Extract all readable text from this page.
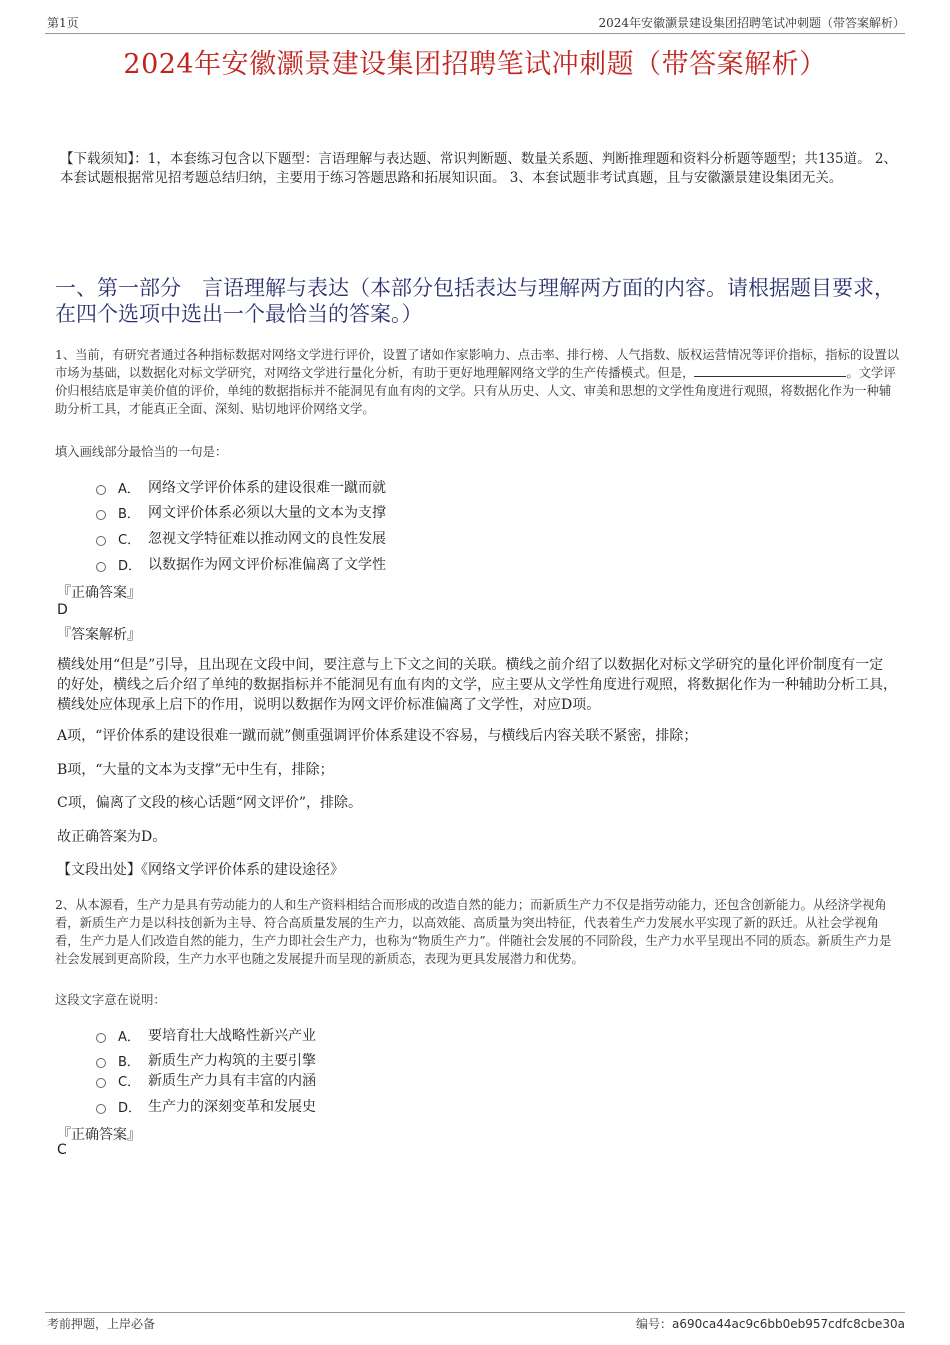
第1页	2024年安徽灏景建设集团招聘笔试冲刺题（带答案解析）
2024年安徽灏景建设集团招聘笔试冲刺题（带答案解析）
【下载须知】：1，本套练习包含以下题型：言语理解与表达题、常识判断题、数量关系题、判断推理题和资料分析题等题型；共135道。 2、本套试题根据常见招考题总结归纳，主要用于练习答题思路和拓展知识面。 3、本套试题非考试真题，且与安徽灏景建设集团无关。
一、第一部分　言语理解与表达（本部分包括表达与理解两方面的内容。请根据题目要求，在四个选项中选出一个最恰当的答案。）
1、当前，有研究者通过各种指标数据对网络文学进行评价，设置了诸如作家影响力、点击率、排行榜、人气指数、版权运营情况等评价指标，指标的设置以市场为基础，以数据化对标文学研究，对网络文学进行量化分析，有助于更好地理解网络文学的生产传播模式。但是，	。文学评价归根结底是审美价值的评价，单纯的数据指标并不能洞见有血有肉的文学。只有从历史、人文、审美和思想的文学性角度进行观照，将数据化作为一种辅助分析工具，才能真正全面、深刻、贴切地评价网络文学。
填入画线部分最恰当的一句是：
A． 网络文学评价体系的建设很难一蹴而就
B． 网文评价体系必须以大量的文本为支撑
C． 忽视文学特征难以推动网文的良性发展
D． 以数据作为网文评价标准偏离了文学性
『正确答案』
D
『答案解析』
横线处用“但是”引导，且出现在文段中间，要注意与上下文之间的关联。横线之前介绍了以数据化对标文学研究的量化评价制度有一定的好处，横线之后介绍了单纯的数据指标并不能洞见有血有肉的文学，应主要从文学性角度进行观照，将数据化作为一种辅助分析工具，横线处应体现承上启下的作用，说明以数据作为网文评价标准偏离了文学性，对应D项。
A项，“评价体系的建设很难一蹴而就”侧重强调评价体系建设不容易，与横线后内容关联不紧密，排除；
B项，“大量的文本为支撑”无中生有，排除；
C项，偏离了文段的核心话题“网文评价”，排除。
故正确答案为D。
【文段出处】《网络文学评价体系的建设途径》
2、从本源看，生产力是具有劳动能力的人和生产资料相结合而形成的改造自然的能力；而新质生产力不仅是指劳动能力，还包含创新能力。从经济学视角看，新质生产力是以科技创新为主导、符合高质量发展的生产力，以高效能、高质量为突出特征，代表着生产力发展水平实现了新的跃迁。从社会学视角看，生产力是人们改造自然的能力，生产力即社会生产力，也称为“物质生产力”。伴随社会发展的不同阶段，生产力水平呈现出不同的质态。新质生产力是社会发展到更高阶段，生产力水平也随之发展提升而呈现的新质态，表现为更具发展潜力和优势。
这段文字意在说明：
A． 要培育壮大战略性新兴产业
B． 新质生产力构筑的主要引擎
C． 新质生产力具有丰富的内涵
D． 生产力的深刻变革和发展史
『正确答案』
C
考前押题，上岸必备	编号：a690ca44ac9c6bb0eb957cdfc8cbe30a
